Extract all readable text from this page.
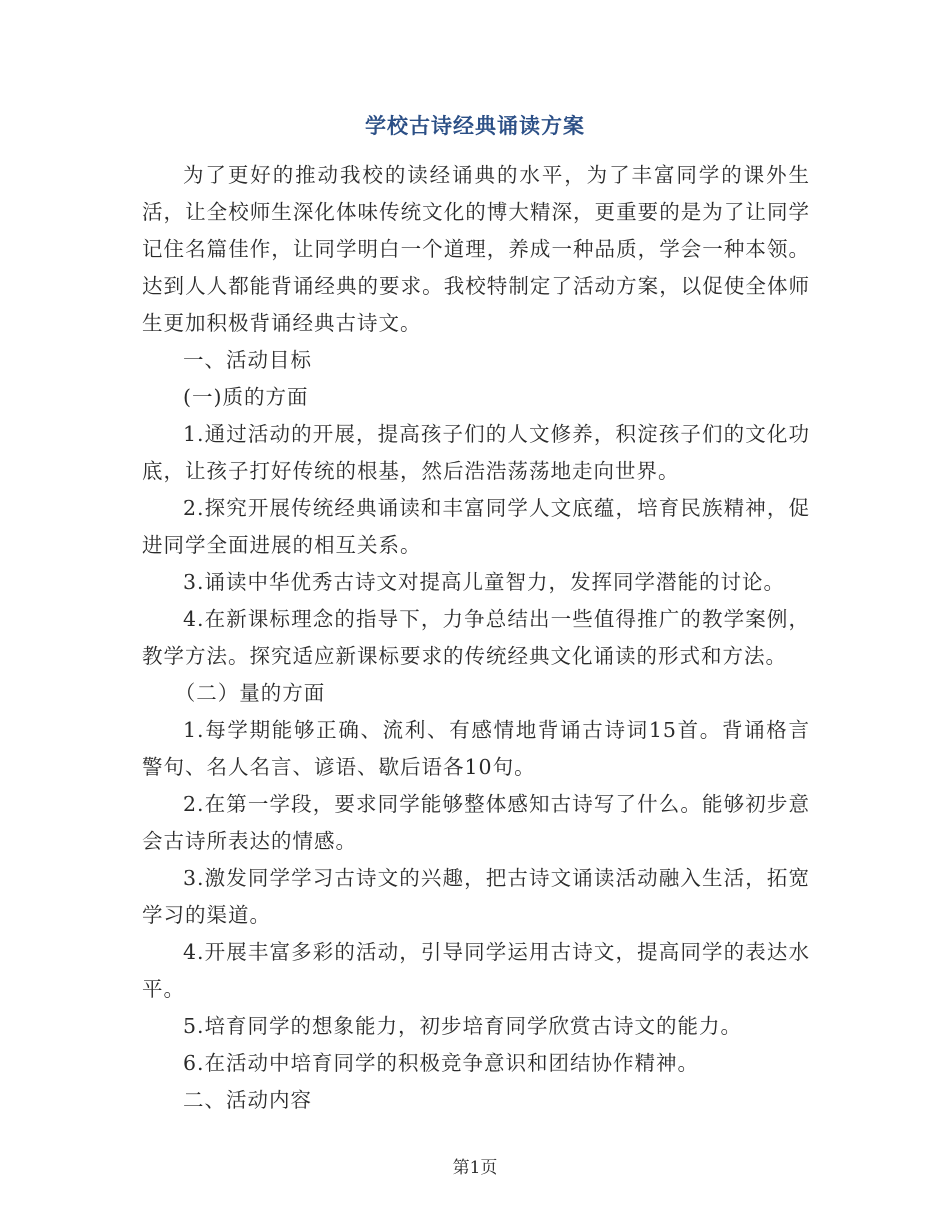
学校古诗经典诵读方案

为了更好的推动我校的读经诵典的水平，为了丰富同学的课外生活，让全校师生深化体味传统文化的博大精深，更重要的是为了让同学记住名篇佳作，让同学明白一个道理，养成一种品质，学会一种本领。达到人人都能背诵经典的要求。我校特制定了活动方案，以促使全体师生更加积极背诵经典古诗文。

一、活动目标

(一)质的方面

1.通过活动的开展，提高孩子们的人文修养，积淀孩子们的文化功底，让孩子打好传统的根基，然后浩浩荡荡地走向世界。

2.探究开展传统经典诵读和丰富同学人文底蕴，培育民族精神，促进同学全面进展的相互关系。

3.诵读中华优秀古诗文对提高儿童智力，发挥同学潜能的讨论。

4.在新课标理念的指导下，力争总结出一些值得推广的教学案例，教学方法。探究适应新课标要求的传统经典文化诵读的形式和方法。

（二）量的方面

1.每学期能够正确、流利、有感情地背诵古诗词15首。背诵格言警句、名人名言、谚语、歇后语各10句。

2.在第一学段，要求同学能够整体感知古诗写了什么。能够初步意会古诗所表达的情感。

3.激发同学学习古诗文的兴趣，把古诗文诵读活动融入生活，拓宽学习的渠道。

4.开展丰富多彩的活动，引导同学运用古诗文，提高同学的表达水平。

5.培育同学的想象能力，初步培育同学欣赏古诗文的能力。

6.在活动中培育同学的积极竞争意识和团结协作精神。

二、活动内容

第1页
